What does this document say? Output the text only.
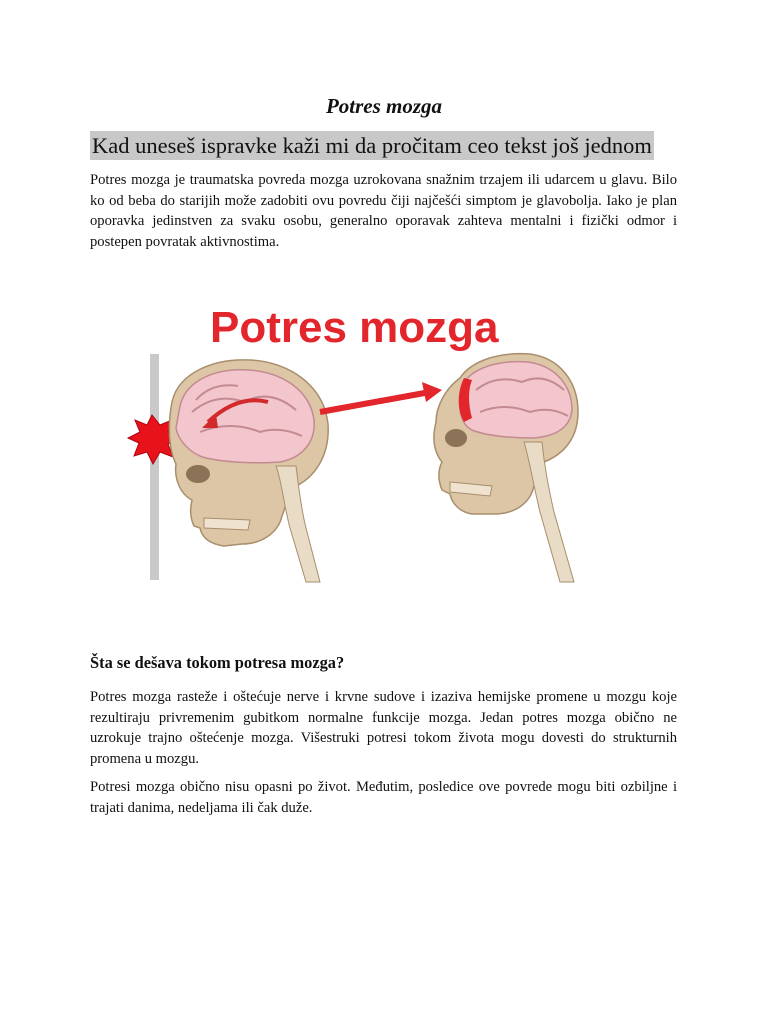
Potres mozga
Kad uneseš ispravke kaži mi da pročitam ceo tekst još jednom

Potres mozga je traumatska povreda mozga uzrokovana snažnim trzajem ili udarcem u glavu. Bilo ko od beba do starijih može zadobiti ovu povredu čiji najčešći simptom je glavobolja. Iako je plan oporavka jedinstven za svaku osobu, generalno oporavak zahteva mentalni i fizički odmor i postepen povratak aktivnostima.

Potres mozga
Šta se dešava tokom potresa mozga?

Potres mozga rasteže i oštećuje nerve i krvne sudove i izaziva hemijske promene u mozgu koje rezultiraju privremenim gubitkom normalne funkcije mozga. Jedan potres mozga obično ne uzrokuje trajno oštećenje mozga. Višestruki potresi tokom života mogu dovesti do strukturnih promena u mozgu.

Potresi mozga obično nisu opasni po život. Međutim, posledice ove povrede mogu biti ozbiljne i trajati danima, nedeljama ili čak duže.
